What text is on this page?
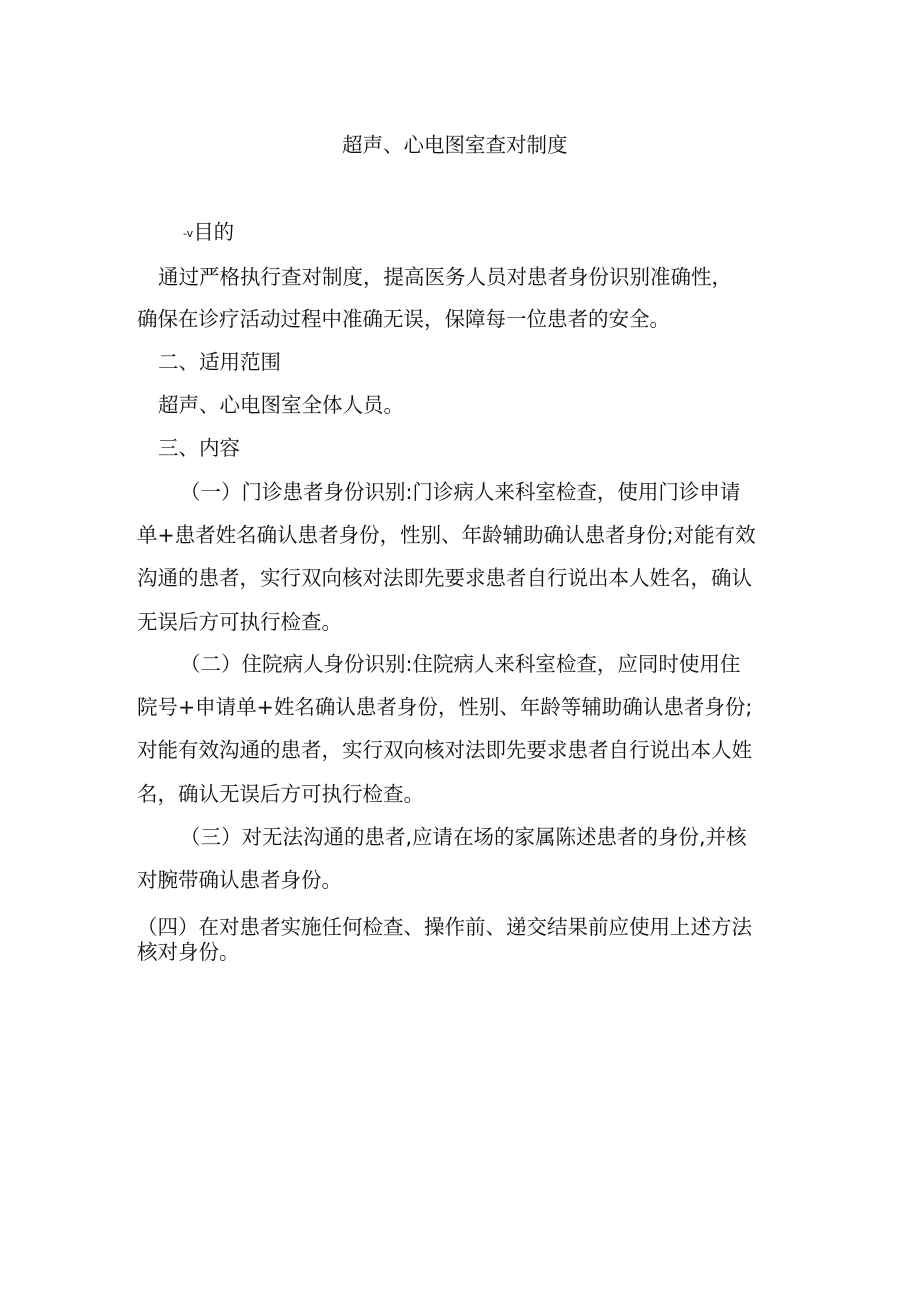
超声、心电图室查对制度
-v目的
通过严格执行查对制度，提高医务人员对患者身份识别准确性，
确保在诊疗活动过程中准确无误，保障每一位患者的安全。
二、适用范围
超声、心电图室全体人员。
三、内容
（一）门诊患者身份识别:门诊病人来科室检查，使用门诊申请
单+患者姓名确认患者身份，性别、年龄辅助确认患者身份;对能有效
沟通的患者，实行双向核对法即先要求患者自行说出本人姓名，确认
无误后方可执行检查。
（二）住院病人身份识别:住院病人来科室检查，应同时使用住
院号+申请单+姓名确认患者身份，性别、年龄等辅助确认患者身份;
对能有效沟通的患者，实行双向核对法即先要求患者自行说出本人姓
名，确认无误后方可执行检查。
（三）对无法沟通的患者,应请在场的家属陈述患者的身份,并核
对腕带确认患者身份。
（四）在对患者实施任何检查、操作前、递交结果前应使用上述方法
核对身份。
